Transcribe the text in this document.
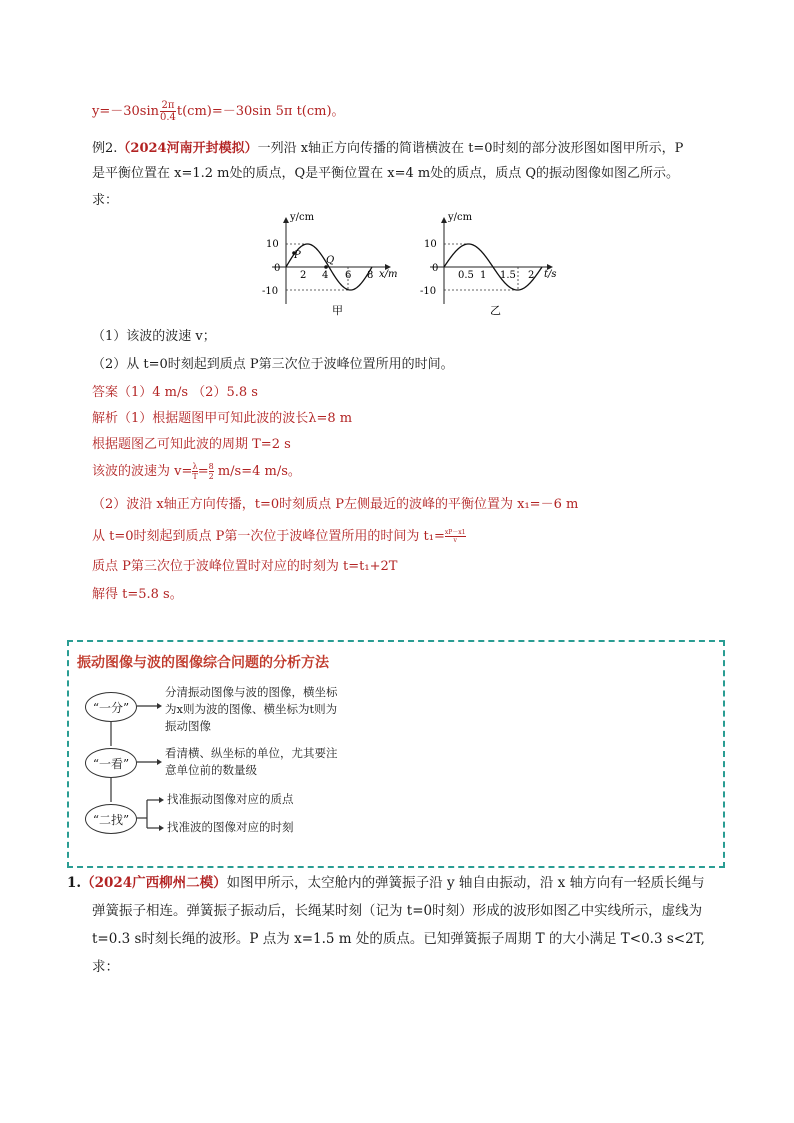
$y=-30\sin \frac{2\pi}{0.4} t(cm)=-30\sin$ 5π t(cm)。
例2.（2024河南开封模拟）一列沿 x轴正方向传播的简谐横波在 t=0时刻的部分波形图如图甲所示，P
是平衡位置在 x=1.2 m处的质点，Q是平衡位置在 x=4 m处的质点，质点 Q的振动图像如图乙所示。
求：
y/cm
x/m
10
0
-10
2 4 6 8
P	Q
甲
y/cm
t/s
10
0
-10
0.5 1 1.5 2
乙
（1）该波的波速 v；
（2）从 t=0时刻起到质点 P第三次位于波峰位置所用的时间。
答案（1）4 m/s （2）5.8 s
解析（1）根据题图甲可知此波的波长λ=8 m
根据题图乙可知此波的周期 T=2 s
该波的波速为 $v= \frac{\lambda}{T} = \frac{8}{2} m/s=4$ m/s。
（2）波沿 x轴正方向传播，t=0时刻质点 P左侧最近的波峰的平衡位置为 x₁=－6 m
从 t=0时刻起到质点 P第一次位于波峰位置所用的时间为 $t_1= \frac{xP-x1}{v}$
质点 P第三次位于波峰位置时对应的时刻为 t=t₁+2T
解得 t=5.8 s。
振动图像与波的图像综合问题的分析方法
“一分”
分清振动图像与波的图像，横坐标
为x则为波的图像、横坐标为t则为
振动图像
“一看”
看清横、纵坐标的单位，尤其要注
意单位前的数量级
“二找”
找准振动图像对应的质点
找准波的图像对应的时刻
1.（2024广西柳州二模）如图甲所示，太空舱内的弹簧振子沿 y 轴自由振动，沿 x 轴方向有一轻质长绳与
弹簧振子相连。弹簧振子振动后，长绳某时刻（记为 t=0时刻）形成的波形如图乙中实线所示，虚线为
t=0.3 s时刻长绳的波形。P 点为 x=1.5 m 处的质点。已知弹簧振子周期 T 的大小满足 T<0.3 s<2T,
求：
